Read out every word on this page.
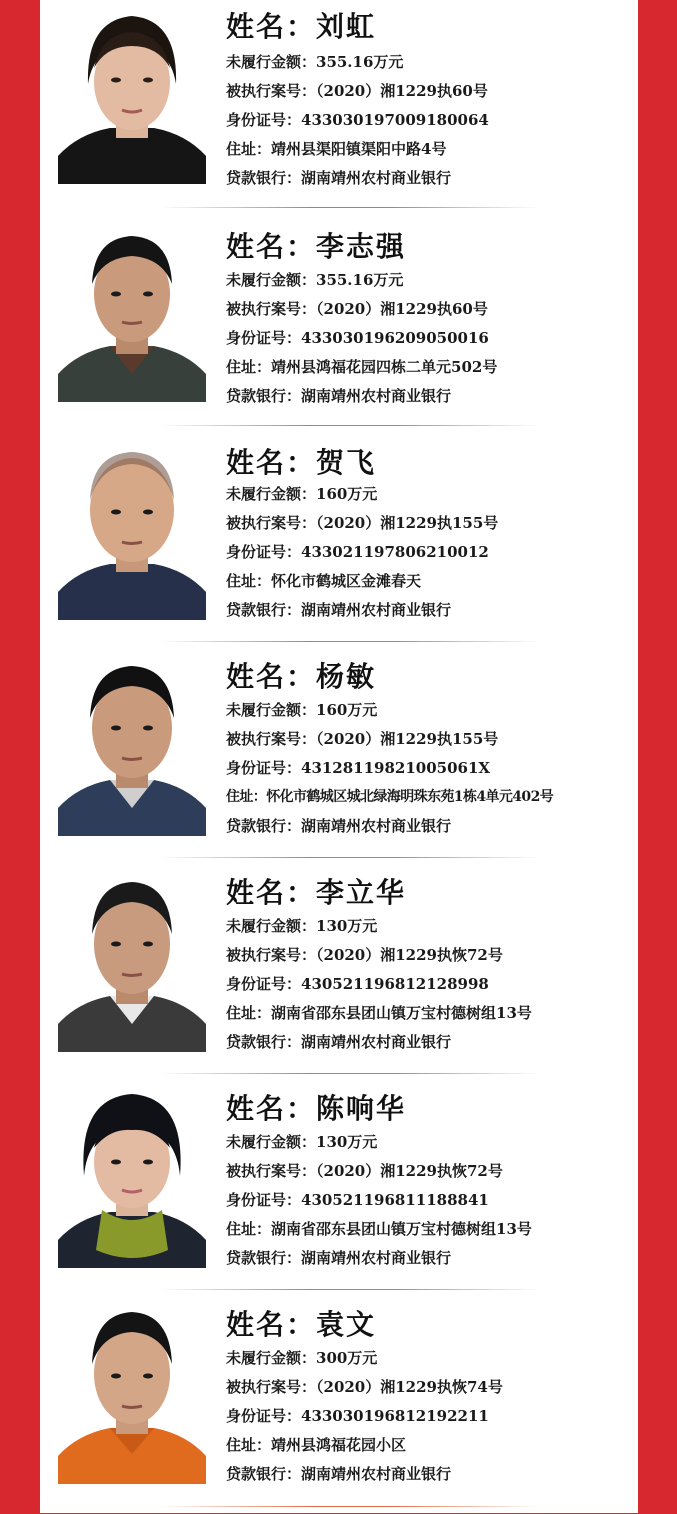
姓名：刘虹
未履行金额：355.16万元
被执行案号：（2020）湘1229执60号
身份证号：433030197009180064
住址：靖州县渠阳镇渠阳中路4号
贷款银行：湖南靖州农村商业银行
姓名：李志强
未履行金额：355.16万元
被执行案号：（2020）湘1229执60号
身份证号：433030196209050016
住址：靖州县鸿福花园四栋二单元502号
贷款银行：湖南靖州农村商业银行
姓名：贺飞
未履行金额：160万元
被执行案号：（2020）湘1229执155号
身份证号：433021197806210012
住址：怀化市鹤城区金滩春天
贷款银行：湖南靖州农村商业银行
姓名：杨敏
未履行金额：160万元
被执行案号：（2020）湘1229执155号
身份证号：43128119821005061X
住址：怀化市鹤城区城北绿海明珠东苑1栋4单元402号
贷款银行：湖南靖州农村商业银行
姓名：李立华
未履行金额：130万元
被执行案号：（2020）湘1229执恢72号
身份证号：430521196812128998
住址：湖南省邵东县团山镇万宝村德树组13号
贷款银行：湖南靖州农村商业银行
姓名：陈响华
未履行金额：130万元
被执行案号：（2020）湘1229执恢72号
身份证号：430521196811188841
住址：湖南省邵东县团山镇万宝村德树组13号
贷款银行：湖南靖州农村商业银行
姓名：袁文
未履行金额：300万元
被执行案号：（2020）湘1229执恢74号
身份证号：433030196812192211
住址：靖州县鸿福花园小区
贷款银行：湖南靖州农村商业银行
